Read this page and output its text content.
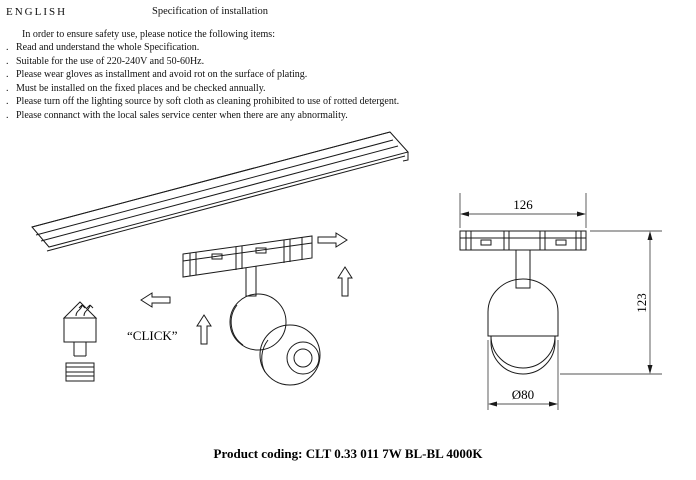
ENGLISH	Specification of installation
In order to ensure safety use, please notice the following items:
. Read and understand the whole Specification.
. Suitable for the use of 220-240V and 50-60Hz.
. Please wear gloves as installment and avoid rot on the surface of plating.
. Must be installed on the fixed places and be checked annually.
. Please turn off the lighting source by soft cloth as cleaning prohibited to use of rotted detergent.
. Please connanct with the local sales service center when there are any abnormality.
“CLICK”
126
123
Ø80
Product coding: CLT 0.33 011 7W BL-BL 4000K
